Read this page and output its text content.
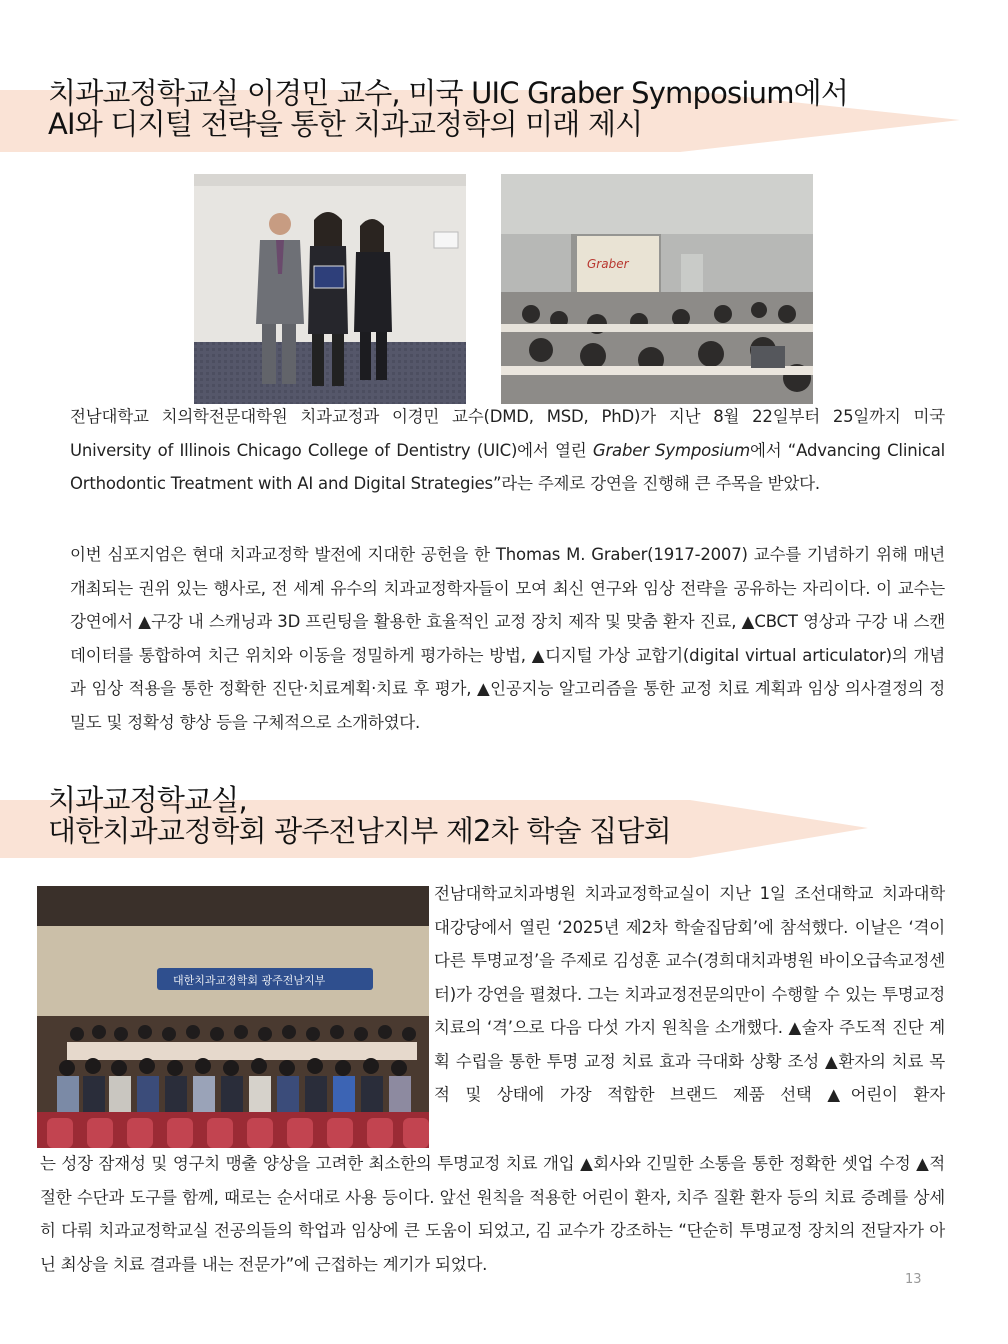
치과교정학교실 이경민 교수, 미국 UIC Graber Symposium에서
AI와 디지털 전략을 통한 치과교정학의 미래 제시
Graber

전남대학교 치의학전문대학원 치과교정과 이경민 교수(DMD, MSD, PhD)가 지난 8월 22일부터 25일까지 미국 University of Illinois Chicago College of Dentistry (UIC)에서 열린 Graber Symposium에서 “Advancing Clinical Orthodontic Treatment with AI and Digital Strategies”라는 주제로 강연을 진행해 큰 주목을 받았다.

이번 심포지엄은 현대 치과교정학 발전에 지대한 공헌을 한 Thomas M. Graber(1917-2007) 교수를 기념하기 위해 매년 개최되는 권위 있는 행사로, 전 세계 유수의 치과교정학자들이 모여 최신 연구와 임상 전략을 공유하는 자리이다. 이 교수는 강연에서 ▲구강 내 스캐닝과 3D 프린팅을 활용한 효율적인 교정 장치 제작 및 맞춤 환자 진료, ▲CBCT 영상과 구강 내 스캔 데이터를 통합하여 치근 위치와 이동을 정밀하게 평가하는 방법, ▲디지털 가상 교합기(digital virtual articulator)의 개념과 임상 적용을 통한 정확한 진단·치료계획·치료 후 평가, ▲인공지능 알고리즘을 통한 교정 치료 계획과 임상 의사결정의 정밀도 및 정확성 향상 등을 구체적으로 소개하였다.

치과교정학교실,
대한치과교정학회 광주전남지부 제2차 학술 집담회
대한치과교정학회 광주전남지부

전남대학교치과병원 치과교정학교실이 지난 1일 조선대학교 치과대학 대강당에서 열린 ‘2025년 제2차 학술집담회’에 참석했다. 이날은 ‘격이 다른 투명교정’을 주제로 김성훈 교수(경희대치과병원 바이오급속교정센터)가 강연을 펼쳤다. 그는 치과교정전문의만이 수행할 수 있는 투명교정 치료의 ‘격’으로 다음 다섯 가지 원칙을 소개했다. ▲술자 주도적 진단 계획 수립을 통한 투명 교정 치료 효과 극대화 상황 조성 ▲환자의 치료 목적 및 상태에 가장 적합한 브랜드 제품 선택 ▲어린이 환자

는 성장 잠재성 및 영구치 맹출 양상을 고려한 최소한의 투명교정 치료 개입 ▲회사와 긴밀한 소통을 통한 정확한 셋업 수정 ▲적절한 수단과 도구를 함께, 때로는 순서대로 사용 등이다. 앞선 원칙을 적용한 어린이 환자, 치주 질환 환자 등의 치료 증례를 상세히 다뤄 치과교정학교실 전공의들의 학업과 임상에 큰 도움이 되었고, 김 교수가 강조하는 “단순히 투명교정 장치의 전달자가 아닌 최상을 치료 결과를 내는 전문가”에 근접하는 계기가 되었다.

13
